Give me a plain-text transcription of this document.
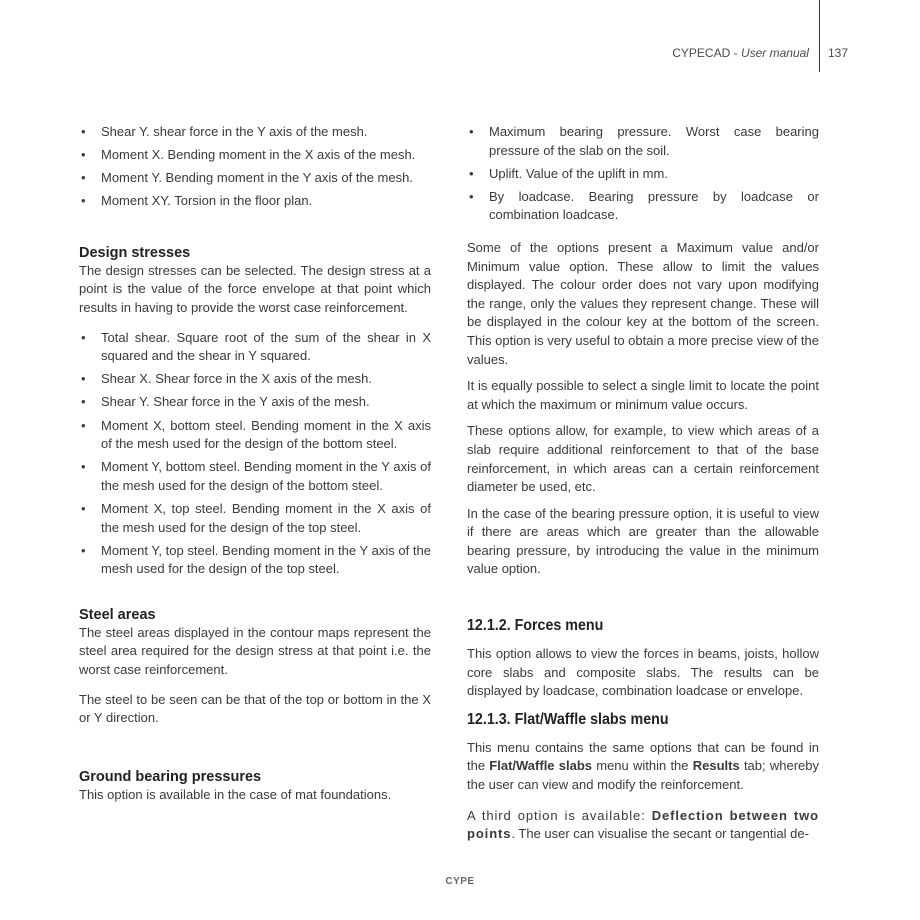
CYPECAD - User manual 137
• Shear Y. shear force in the Y axis of the mesh.
• Moment X. Bending moment in the X axis of the mesh.
• Moment Y. Bending moment in the Y axis of the mesh.
• Moment XY. Torsion in the floor plan.
Design stresses

The design stresses can be selected. The design stress at a point is the value of the force envelope at that point which results in having to provide the worst case reinforcement.

• Total shear. Square root of the sum of the shear in X squared and the shear in Y squared.
• Shear X. Shear force in the X axis of the mesh.
• Shear Y. Shear force in the Y axis of the mesh.
• Moment X, bottom steel. Bending moment in the X axis of the mesh used for the design of the bottom steel.
• Moment Y, bottom steel. Bending moment in the Y axis of the mesh used for the design of the bottom steel.
• Moment X, top steel. Bending moment in the X axis of the mesh used for the design of the top steel.
• Moment Y, top steel. Bending moment in the Y axis of the mesh used for the design of the top steel.
Steel areas

The steel areas displayed in the contour maps represent the steel area required for the design stress at that point i.e. the worst case reinforcement.

The steel to be seen can be that of the top or bottom in the X or Y direction.

Ground bearing pressures

This option is available in the case of mat foundations.

• Maximum bearing pressure. Worst case bearing pressure of the slab on the soil.
• Uplift. Value of the uplift in mm.
• By loadcase. Bearing pressure by loadcase or combination loadcase.

Some of the options present a Maximum value and/or Minimum value option. These allow to limit the values displayed. The colour order does not vary upon modifying the range, only the values they represent change. These will be displayed in the colour key at the bottom of the screen. This option is very useful to obtain a more precise view of the values.

It is equally possible to select a single limit to locate the point at which the maximum or minimum value occurs.

These options allow, for example, to view which areas of a slab require additional reinforcement to that of the base reinforcement, in which areas can a certain reinforcement diameter be used, etc.

In the case of the bearing pressure option, it is useful to view if there are areas which are greater than the allowable bearing pressure, by introducing the value in the minimum value option.

12.1.2. Forces menu

This option allows to view the forces in beams, joists, hollow core slabs and composite slabs. The results can be displayed by loadcase, combination loadcase or envelope.

12.1.3. Flat/Waffle slabs menu

This menu contains the same options that can be found in the Flat/Waffle slabs menu within the Results tab; whereby the user can view and modify the reinforcement.

A third option is available: Deflection between two points. The user can visualise the secant or tangential de-

CYPE
